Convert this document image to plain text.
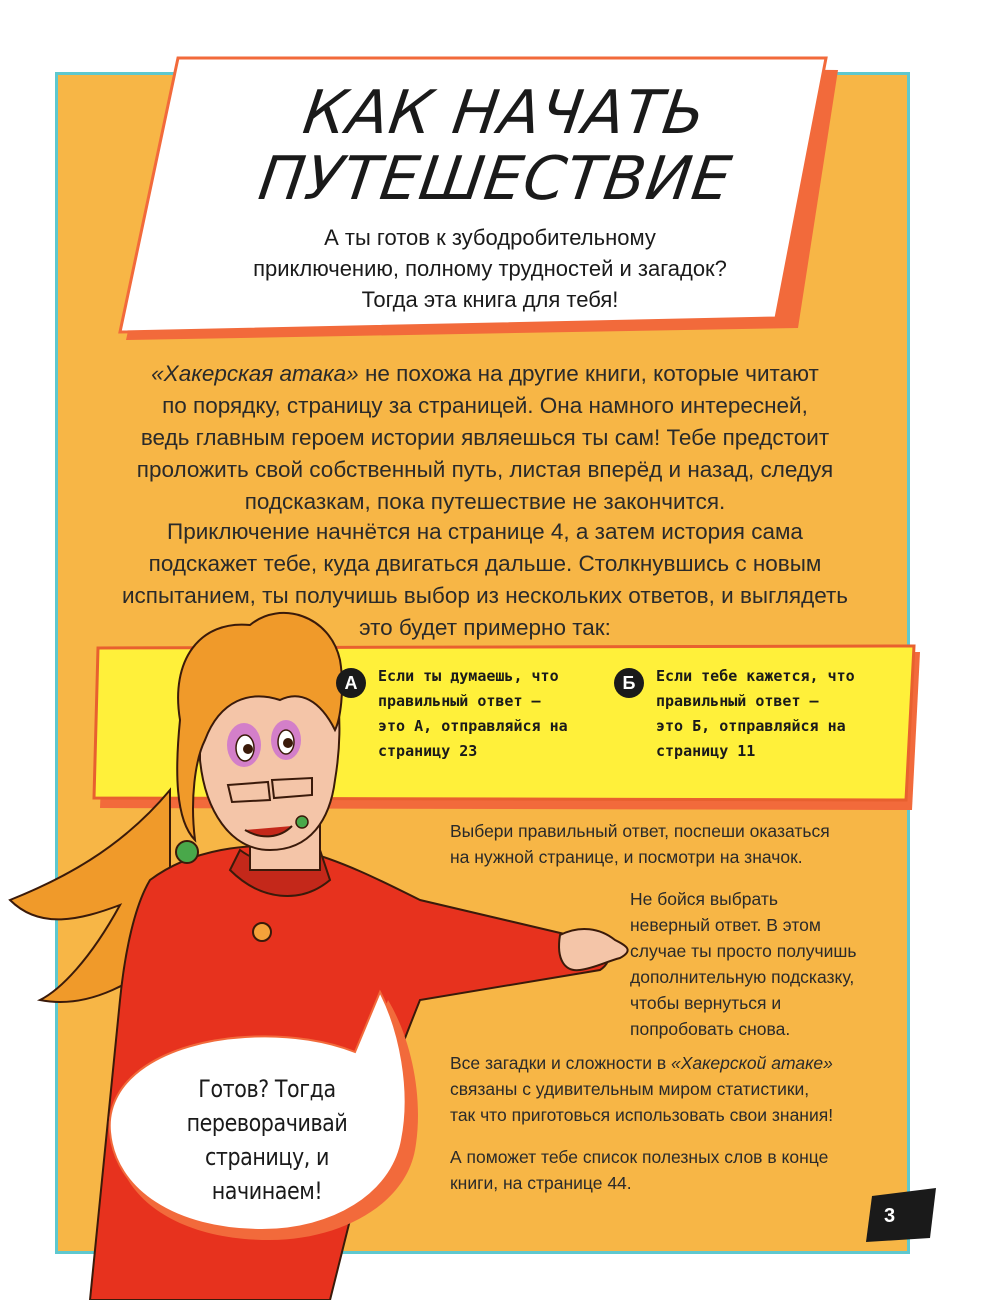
КАК НАЧАТЬ
ПУТЕШЕСТВИЕ
А ты готов к зубодробительному
приключению, полному трудностей и загадок?
Тогда эта книга для тебя!
«Хакерская атака» не похожа на другие книги, которые читают
по порядку, страницу за страницей. Она намного интересней,
ведь главным героем истории являешься ты сам! Тебе предстоит
проложить свой собственный путь, листая вперёд и назад, следуя
подсказкам, пока путешествие не закончится.
Приключение начнётся на странице 4, а затем история сама
подскажет тебе, куда двигаться дальше. Столкнувшись с новым
испытанием, ты получишь выбор из нескольких ответов, и выглядеть
это будет примерно так:
Готов? Тогда
переворачивай
страницу, и начинаем!
А	Если ты думаешь, что
правильный ответ —
это А, отправляйся на
страницу 23
Б	Если тебе кажется, что
правильный ответ —
это Б, отправляйся на
страницу 11
Выбери правильный ответ, поспеши оказаться
на нужной странице, и посмотри на значок.
Не бойся выбрать
неверный ответ. В этом
случае ты просто получишь
дополнительную подсказку,
чтобы вернуться и
попробовать снова.
Все загадки и сложности в «Хакерской атаке»
связаны с удивительным миром статистики,
так что приготовься использовать свои знания!
А поможет тебе список полезных слов в конце
книги, на странице 44.
3
